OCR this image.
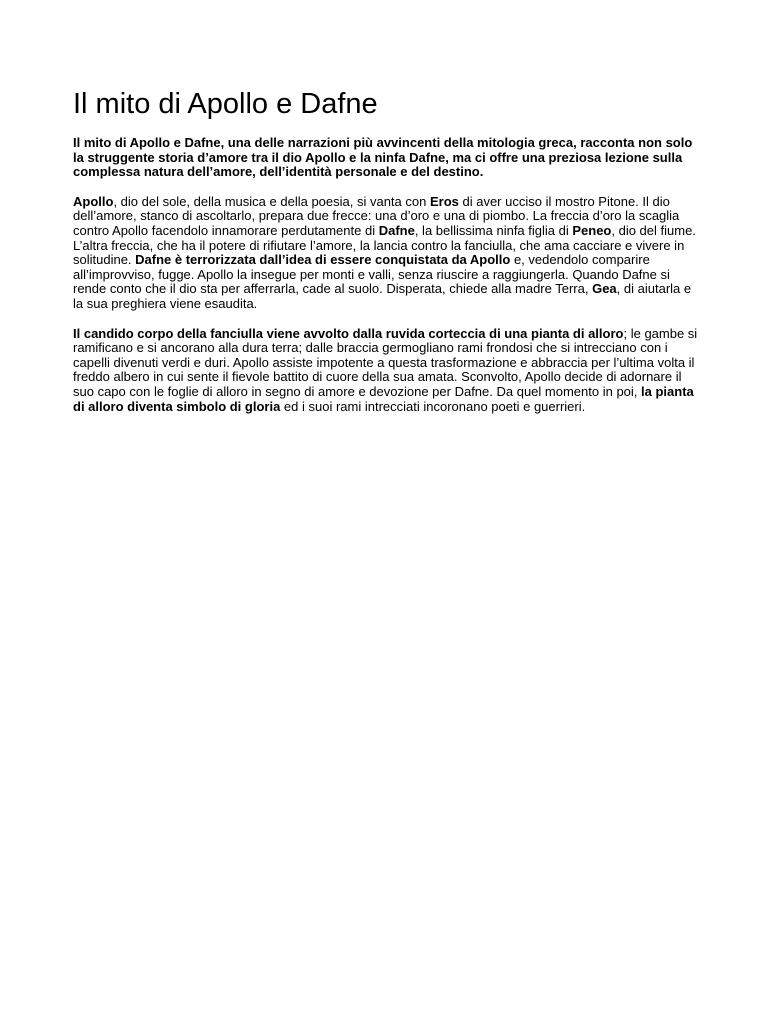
Il mito di Apollo e Dafne

Il mito di Apollo e Dafne, una delle narrazioni più avvincenti della mitologia greca, racconta non solo la struggente storia d’amore tra il dio Apollo e la ninfa Dafne, ma ci offre una preziosa lezione sulla complessa natura dell’amore, dell’identità personale e del destino.

Apollo, dio del sole, della musica e della poesia, si vanta con Eros di aver ucciso il mostro Pitone. Il dio dell’amore, stanco di ascoltarlo, prepara due frecce: una d’oro e una di piombo. La freccia d’oro la scaglia contro Apollo facendolo innamorare perdutamente di Dafne, la bellissima ninfa figlia di Peneo, dio del fiume. L’altra freccia, che ha il potere di rifiutare l’amore, la lancia contro la fanciulla, che ama cacciare e vivere in solitudine. Dafne è terrorizzata dall’idea di essere conquistata da Apollo e, vedendolo comparire all’improvviso, fugge. Apollo la insegue per monti e valli, senza riuscire a raggiungerla. Quando Dafne si rende conto che il dio sta per afferrarla, cade al suolo. Disperata, chiede alla madre Terra, Gea, di aiutarla e la sua preghiera viene esaudita.

Il candido corpo della fanciulla viene avvolto dalla ruvida corteccia di una pianta di alloro; le gambe si ramificano e si ancorano alla dura terra; dalle braccia germogliano rami frondosi che si intrecciano con i capelli divenuti verdi e duri. Apollo assiste impotente a questa trasformazione e abbraccia per l’ultima volta il freddo albero in cui sente il fievole battito di cuore della sua amata. Sconvolto, Apollo decide di adornare il suo capo con le foglie di alloro in segno di amore e devozione per Dafne. Da quel momento in poi, la pianta di alloro diventa simbolo di gloria ed i suoi rami intrecciati incoronano poeti e guerrieri.
